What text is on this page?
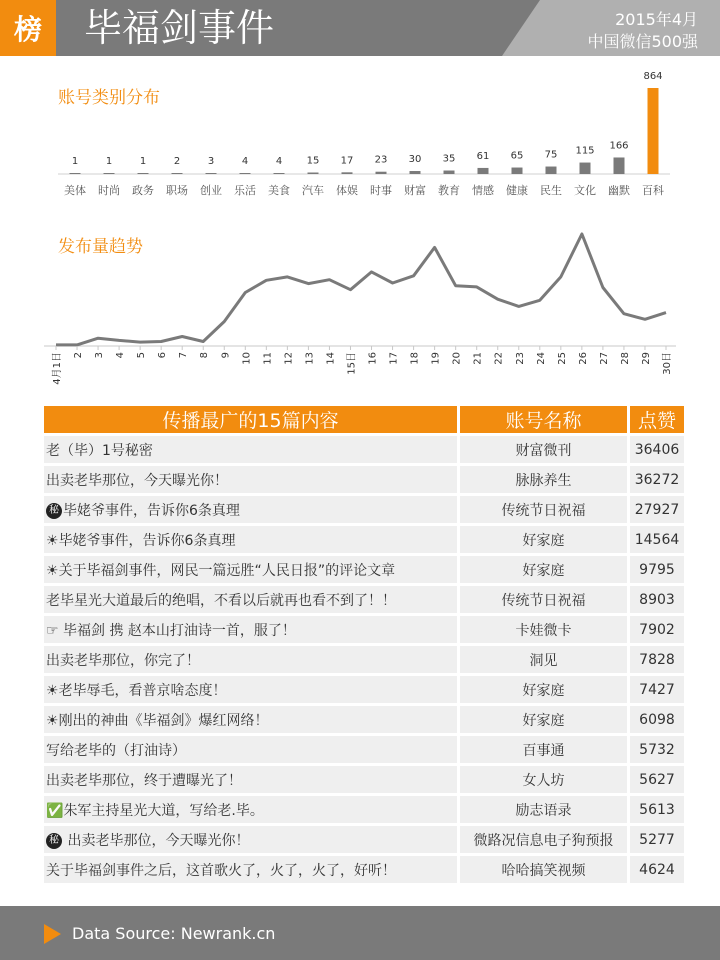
榜	毕福剑事件	2015年4月
中国微信500强
账号类别分布
发布量趋势
1
美体
1
时尚
1
政务
2
职场
3
创业
4
乐活
4
美食
15
汽车
17
体娱
23
时事
30
财富
35
教育
61
情感
65
健康
75
民生
115
文化
166
幽默
864
百科
4月1日 2 3 4 5 6 7 8 9 10 11 12 13 14 15日 16 17 18 19 20 21 22 23 24 25 26 27 28 29 30日
传播最广的15篇内容	账号名称	点赞
老（毕）1号秘密	财富微刊	36406
出卖老毕那位，今天曝光你！	脉脉养生	36272
秘 毕姥爷事件，告诉你6条真理	传统节日祝福	27927
☀毕姥爷事件，告诉你6条真理	好家庭	14564
☀关于毕福剑事件，网民一篇远胜“人民日报”的评论文章	好家庭	9795
老毕星光大道最后的绝唱，不看以后就再也看不到了！！	传统节日祝福	8903
☞ 毕福剑 携 赵本山打油诗一首，服了！	卡娃微卡	7902
出卖老毕那位，你完了！	洞见	7828
☀老毕辱毛，看普京啥态度！	好家庭	7427
☀刚出的神曲《毕福剑》爆红网络！	好家庭	6098
写给老毕的（打油诗）	百事通	5732
出卖老毕那位，终于遭曝光了！	女人坊	5627
✅朱军主持星光大道，写给老.毕。	励志语录	5613
秘 出卖老毕那位，今天曝光你！	微路况信息电子狗预报	5277
关于毕福剑事件之后，这首歌火了，火了，火了，好听！	哈哈搞笑视频	4624
Data Source: Newrank.cn
